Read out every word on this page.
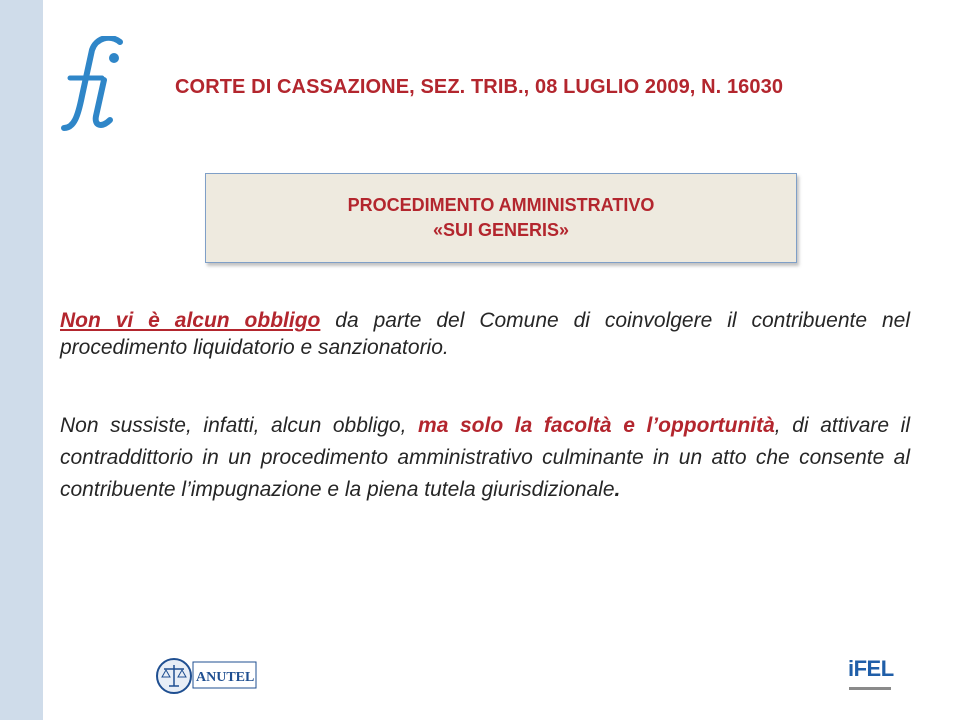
CORTE DI CASSAZIONE, SEZ. TRIB., 08 LUGLIO 2009, N. 16030
PROCEDIMENTO AMMINISTRATIVO
«SUI GENERIS»
Non vi è alcun obbligo da parte del Comune di coinvolgere il contribuente nel procedimento liquidatorio e sanzionatorio.
Non sussiste, infatti, alcun obbligo, ma solo la facoltà e l’opportunità, di attivare il contraddittorio in un procedimento amministrativo culminante in un atto che consente al contribuente l’impugnazione e la piena tutela giurisdizionale.
ANUTEL	iFEL
